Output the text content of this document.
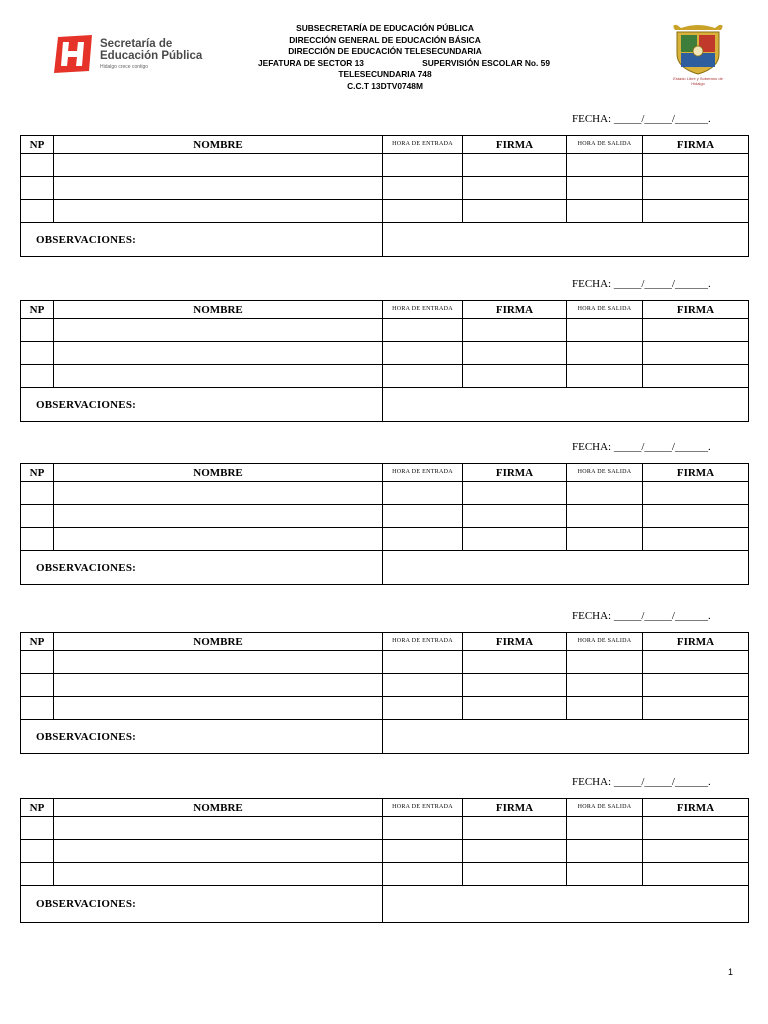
SUBSECRETARÍA DE EDUCACIÓN PÚBLICA
DIRECCIÓN GENERAL DE EDUCACIÓN BÁSICA
DIRECCIÓN DE EDUCACIÓN TELESECUNDARIA
JEFATURA DE SECTOR 13	SUPERVISIÓN ESCOLAR No. 59
TELESECUNDARIA 748
C.C.T 13DTV0748M
Secretaría de
Educación Pública
Hidalgo crece contigo
Estado Libre y Soberano de Hidalgo
FECHA: _____/_____/______.
NP	NOMBRE	HORA DE ENTRADA	FIRMA	HORA DE SALIDA	FIRMA

OBSERVACIONES:					
FECHA: _____/_____/______.
NP	NOMBRE	HORA DE ENTRADA	FIRMA	HORA DE SALIDA	FIRMA

OBSERVACIONES:					
FECHA: _____/_____/______.
NP	NOMBRE	HORA DE ENTRADA	FIRMA	HORA DE SALIDA	FIRMA

OBSERVACIONES:					
FECHA: _____/_____/______.
NP	NOMBRE	HORA DE ENTRADA	FIRMA	HORA DE SALIDA	FIRMA

OBSERVACIONES:					
FECHA: _____/_____/______.
NP	NOMBRE	HORA DE ENTRADA	FIRMA	HORA DE SALIDA	FIRMA

OBSERVACIONES:					
1
